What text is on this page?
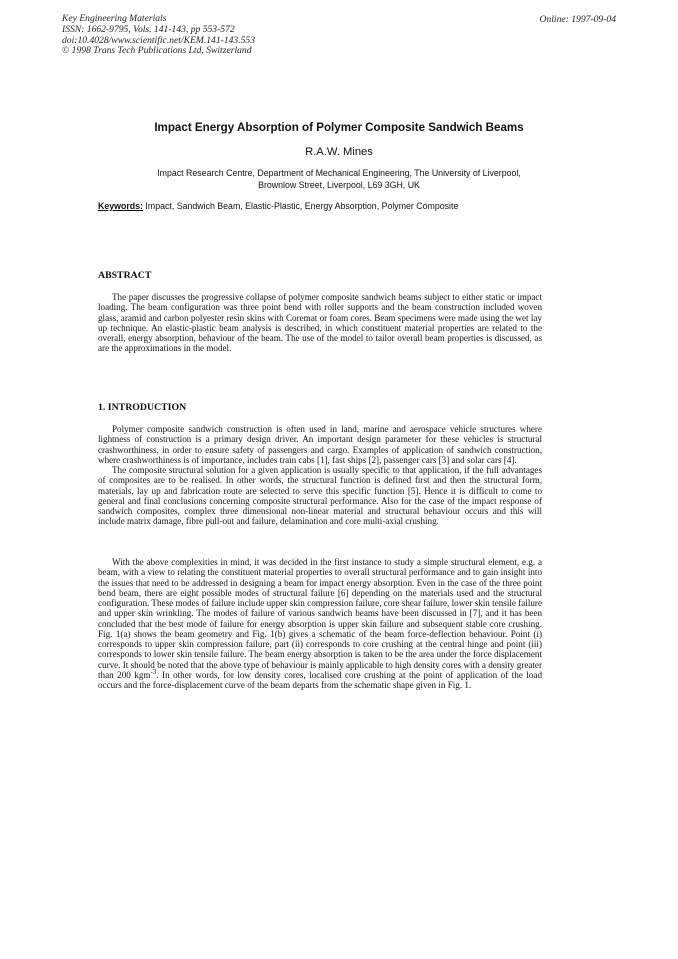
Key Engineering Materials
ISSN: 1662-9795, Vols. 141-143, pp 553-572
doi:10.4028/www.scientific.net/KEM.141-143.553
© 1998 Trans Tech Publications Ltd, Switzerland
Online: 1997-09-04
Impact Energy Absorption of Polymer Composite Sandwich Beams
R.A.W. Mines
Impact Research Centre, Department of Mechanical Engineering, The University of Liverpool,
Brownlow Street, Liverpool, L69 3GH, UK
Keywords: Impact, Sandwich Beam, Elastic-Plastic, Energy Absorption, Polymer Composite
ABSTRACT

The paper discusses the progressive collapse of polymer composite sandwich beams subject to either static or impact loading. The beam configuration was three point bend with roller supports and the beam construction included woven glass, aramid and carbon polyester resin skins with Coremat or foam cores. Beam specimens were made using the wet lay up technique. An elastic-plastic beam analysis is described, in which constituent material properties are related to the overall, energy absorption, behaviour of the beam. The use of the model to tailor overall beam properties is discussed, as are the approximations in the model.

1. INTRODUCTION

Polymer composite sandwich construction is often used in land, marine and aerospace vehicle structures where lightness of construction is a primary design driver. An important design parameter for these vehicles is structural crashworthiness, in order to ensure safety of passengers and cargo. Examples of application of sandwich construction, where crashworthiness is of importance, includes train cabs [1], fast ships [2], passenger cars [3] and solar cars [4].

The composite structural solution for a given application is usually specific to that application, if the full advantages of composites are to be realised. In other words, the structural function is defined first and then the structural form, materials, lay up and fabrication route are selected to serve this specific function [5]. Hence it is difficult to come to general and final conclusions concerning composite structural performance. Also for the case of the impact response of sandwich composites, complex three dimensional non-linear material and structural behaviour occurs and this will include matrix damage, fibre pull-out and failure, delamination and core multi-axial crushing.

With the above complexities in mind, it was decided in the first instance to study a simple structural element, e.g. a beam, with a view to relating the constituent material properties to overall structural performance and to gain insight into the issues that need to be addressed in designing a beam for impact energy absorption. Even in the case of the three point bend beam, there are eight possible modes of structural failure [6] depending on the materials used and the structural configuration. These modes of failure include upper skin compression failure, core shear failure, lower skin tensile failure and upper skin wrinkling. The modes of failure of various sandwich beams have been discussed in [7], and it has been concluded that the best mode of failure for energy absorption is upper skin failure and subsequent stable core crushing. Fig. 1(a) shows the beam geometry and Fig. 1(b) gives a schematic of the beam force-deflection behaviour. Point (i) corresponds to upper skin compression failure, part (ii) corresponds to core crushing at the central hinge and point (iii) corresponds to lower skin tensile failure. The beam energy absorption is taken to be the area under the force displacement curve. It should be noted that the above type of behaviour is mainly applicable to high density cores with a density greater than 200 kgm$^{-3}$. In other words, for low density cores, localised core crushing at the point of application of the load occurs and the force-displacement curve of the beam departs from the schematic shape given in Fig. 1.
